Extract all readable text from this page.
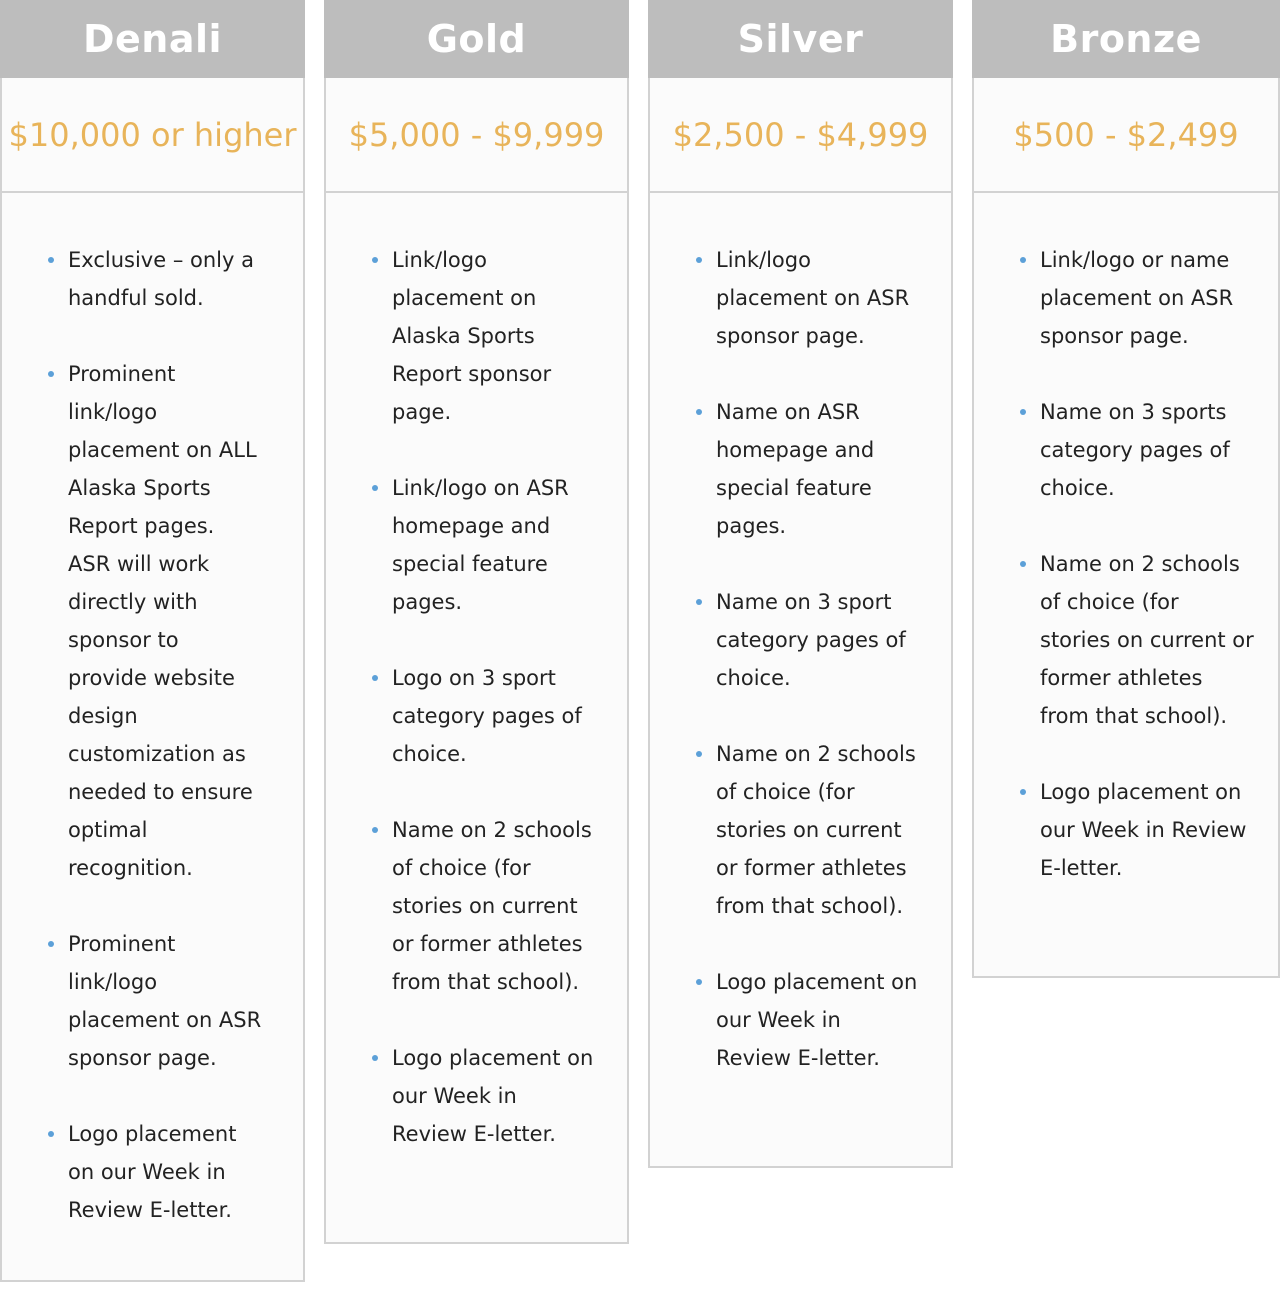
Denali
$10,000 or higher
Exclusive – only a handful sold.
Prominent link/logo placement on ALL Alaska Sports Report pages. ASR will work directly with sponsor to provide website design customization as needed to ensure optimal recognition.
Prominent link/logo placement on ASR sponsor page.
Logo placement on our Week in Review E-letter.
Gold
$5,000 - $9,999
Link/logo placement on Alaska Sports Report sponsor page.
Link/logo on ASR homepage and special feature pages.
Logo on 3 sport category pages of choice.
Name on 2 schools of choice (for stories on current or former athletes from that school).
Logo placement on our Week in Review E-letter.
Silver
$2,500 - $4,999
Link/logo placement on ASR sponsor page.
Name on ASR homepage and special feature pages.
Name on 3 sport category pages of choice.
Name on 2 schools of choice (for stories on current or former athletes from that school).
Logo placement on our Week in Review E-letter.
Bronze
$500 - $2,499
Link/logo or name placement on ASR sponsor page.
Name on 3 sports category pages of choice.
Name on 2 schools of choice (for stories on current or former athletes from that school).
Logo placement on our Week in Review E-letter.
